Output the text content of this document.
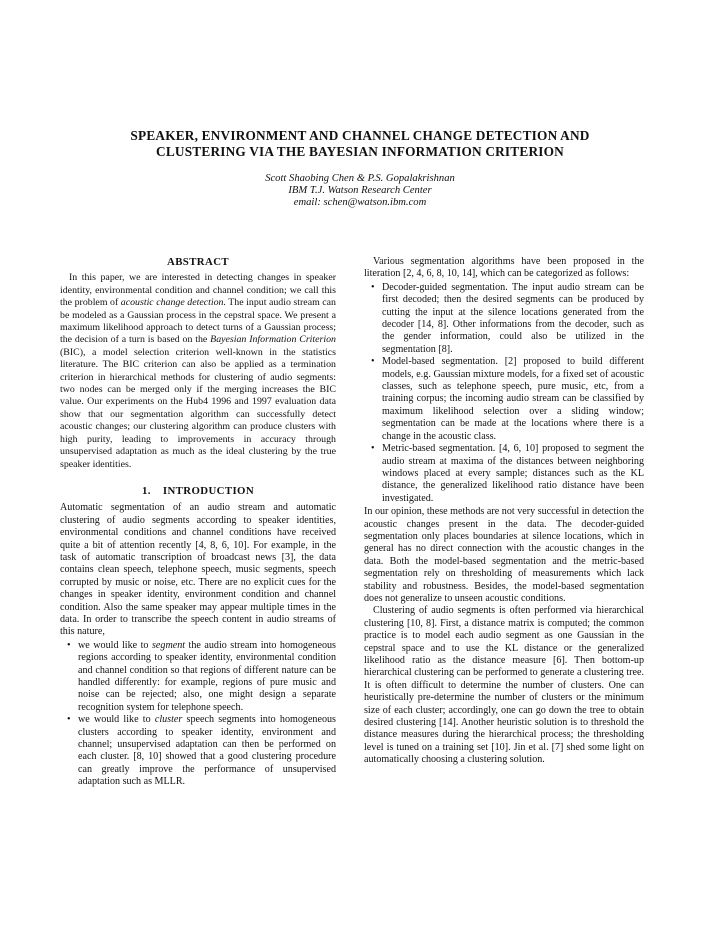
SPEAKER, ENVIRONMENT AND CHANNEL CHANGE DETECTION AND
CLUSTERING VIA THE BAYESIAN INFORMATION CRITERION
Scott Shaobing Chen & P.S. Gopalakrishnan
IBM T.J. Watson Research Center
email: schen@watson.ibm.com
ABSTRACT

In this paper, we are interested in detecting changes in speaker identity, environmental condition and channel condition; we call this the problem of acoustic change detection. The input audio stream can be modeled as a Gaussian process in the cepstral space. We present a maximum likelihood approach to detect turns of a Gaussian process; the decision of a turn is based on the Bayesian Information Criterion (BIC), a model selection criterion well-known in the statistics literature. The BIC criterion can also be applied as a termination criterion in hierarchical methods for clustering of audio segments: two nodes can be merged only if the merging increases the BIC value. Our experiments on the Hub4 1996 and 1997 evaluation data show that our segmentation algorithm can successfully detect acoustic changes; our clustering algorithm can produce clusters with high purity, leading to improvements in accuracy through unsupervised adaptation as much as the ideal clustering by the true speaker identities.

1. INTRODUCTION

Automatic segmentation of an audio stream and automatic clustering of audio segments according to speaker identities, environmental conditions and channel conditions have received quite a bit of attention recently [4, 8, 6, 10]. For example, in the task of automatic transcription of broadcast news [3], the data contains clean speech, telephone speech, music segments, speech corrupted by music or noise, etc. There are no explicit cues for the changes in speaker identity, environment condition and channel condition. Also the same speaker may appear multiple times in the data. In order to transcribe the speech content in audio streams of this nature,

• we would like to segment the audio stream into homogeneous regions according to speaker identity, environmental condition and channel condition so that regions of different nature can be handled differently: for example, regions of pure music and noise can be rejected; also, one might design a separate recognition system for telephone speech.
• we would like to cluster speech segments into homogeneous clusters according to speaker identity, environment and channel; unsupervised adaptation can then be performed on each cluster. [8, 10] showed that a good clustering procedure can greatly improve the performance of unsupervised adaptation such as MLLR.

Various segmentation algorithms have been proposed in the literation [2, 4, 6, 8, 10, 14], which can be categorized as follows:

• Decoder-guided segmentation. The input audio stream can be first decoded; then the desired segments can be produced by cutting the input at the silence locations generated from the decoder [14, 8]. Other informations from the decoder, such as the gender information, could also be utilized in the segmentation [8].
• Model-based segmentation. [2] proposed to build different models, e.g. Gaussian mixture models, for a fixed set of acoustic classes, such as telephone speech, pure music, etc, from a training corpus; the incoming audio stream can be classified by maximum likelihood selection over a sliding window; segmentation can be made at the locations where there is a change in the acoustic class.
• Metric-based segmentation. [4, 6, 10] proposed to segment the audio stream at maxima of the distances between neighboring windows placed at every sample; distances such as the KL distance, the generalized likelihood ratio distance have been investigated.

In our opinion, these methods are not very successful in detection the acoustic changes present in the data. The decoder-guided segmentation only places boundaries at silence locations, which in general has no direct connection with the acoustic changes in the data. Both the model-based segmentation and the metric-based segmentation rely on thresholding of measurements which lack stability and robustness. Besides, the model-based segmentation does not generalize to unseen acoustic conditions.

Clustering of audio segments is often performed via hierarchical clustering [10, 8]. First, a distance matrix is computed; the common practice is to model each audio segment as one Gaussian in the cepstral space and to use the KL distance or the generalized likelihood ratio as the distance measure [6]. Then bottom-up hierarchical clustering can be performed to generate a clustering tree. It is often difficult to determine the number of clusters. One can heuristically pre-determine the number of clusters or the minimum size of each cluster; accordingly, one can go down the tree to obtain desired clustering [14]. Another heuristic solution is to threshold the distance measures during the hierarchical process; the thresholding level is tuned on a training set [10]. Jin et al. [7] shed some light on automatically choosing a clustering solution.
